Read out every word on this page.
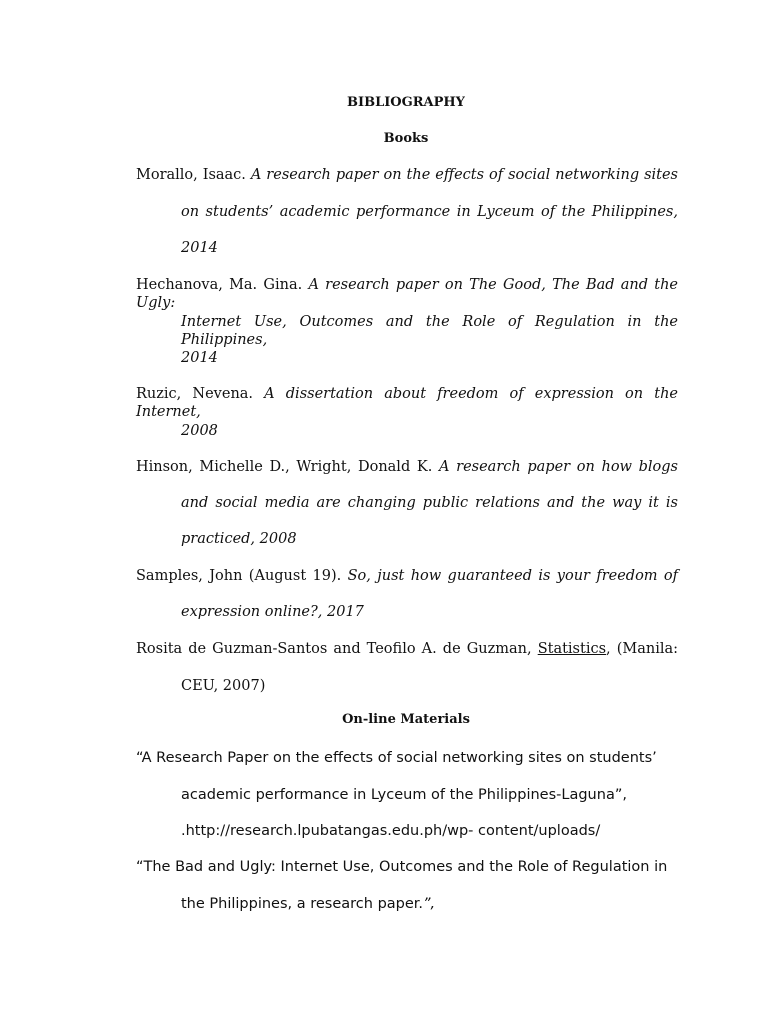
BIBLIOGRAPHY
Books
Morallo, Isaac. A research paper on the effects of social networking sites
on students’ academic performance in Lyceum of the Philippines,
2014
Hechanova, Ma. Gina. A research paper on The Good, The Bad and the Ugly:
Internet Use, Outcomes and the Role of Regulation in the Philippines,
2014
Ruzic, Nevena. A dissertation about freedom of expression on the Internet,
2008
Hinson, Michelle D., Wright, Donald K. A research paper on how blogs
and social media are changing public relations and the way it is
practiced, 2008
Samples, John (August 19). So, just how guaranteed is your freedom of
expression online?, 2017
Rosita de Guzman-Santos and Teofilo A. de Guzman, Statistics, (Manila:
CEU, 2007)
On-line Materials
“A Research Paper on the effects of social networking sites on students’
academic performance in Lyceum of the Philippines-Laguna”,
.http://research.lpubatangas.edu.ph/wp- content/uploads/
“The Bad and Ugly: Internet Use, Outcomes and the Role of Regulation in
the Philippines, a research paper.”,
